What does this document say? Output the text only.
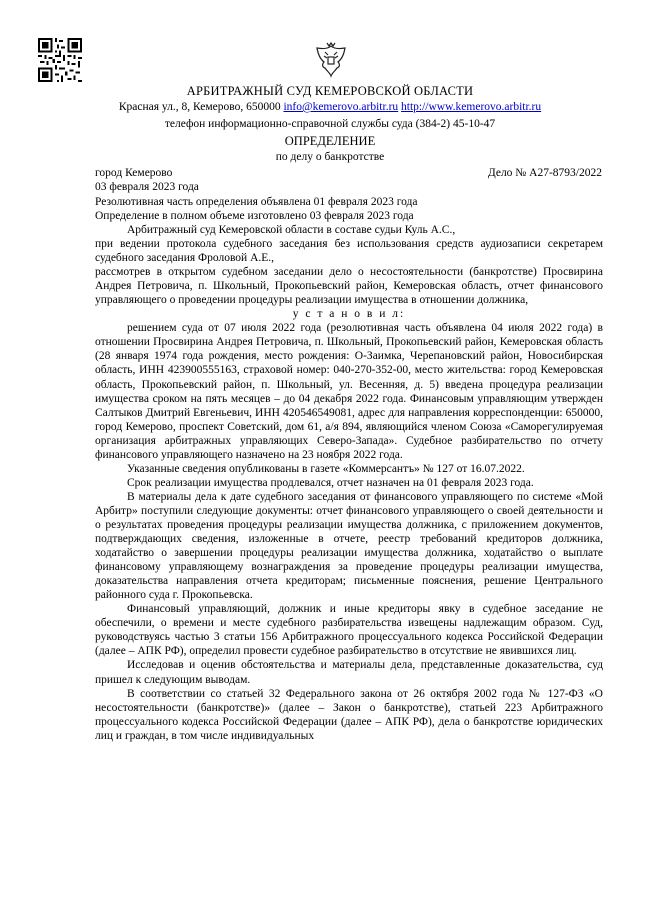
АРБИТРАЖНЫЙ СУД КЕМЕРОВСКОЙ ОБЛАСТИ
Красная ул., 8, Кемерово, 650000 info@kemerovo.arbitr.ru http://www.kemerovo.arbitr.ru
телефон информационно-справочной службы суда (384-2) 45-10-47
ОПРЕДЕЛЕНИЕ
по делу о банкротстве
город Кемерово	Дело № А27-8793/2022
03 февраля 2023 года
Резолютивная часть определения объявлена 01 февраля 2023 года
Определение в полном объеме изготовлено 03 февраля 2023 года

Арбитражный суд Кемеровской области в составе судьи Куль А.С.,

при ведении протокола судебного заседания без использования средств аудиозаписи секретарем судебного заседания Фроловой А.Е.,

рассмотрев в открытом судебном заседании дело о несостоятельности (банкротстве) Просвирина Андрея Петровича, п. Школьный, Прокопьевский район, Кемеровская область, отчет финансового управляющего о проведении процедуры реализации имущества в отношении должника,

у с т а н о в и л:

решением суда от 07 июля 2022 года (резолютивная часть объявлена 04 июля 2022 года) в отношении Просвирина Андрея Петровича, п. Школьный, Прокопьевский район, Кемеровская область (28 января 1974 года рождения, место рождения: О-Заимка, Черепановский район, Новосибирская область, ИНН 423900555163, страховой номер: 040-270-352-00, место жительства: город Кемеровская область, Прокопьевский район, п. Школьный, ул. Весенняя, д. 5) введена процедура реализации имущества сроком на пять месяцев – до 04 декабря 2022 года. Финансовым управляющим утвержден Салтыков Дмитрий Евгеньевич, ИНН 420546549081, адрес для направления корреспонденции: 650000, город Кемерово, проспект Советский, дом 61, а/я 894, являющийся членом Союза «Саморегулируемая организация арбитражных управляющих Северо-Запада». Судебное разбирательство по отчету финансового управляющего назначено на 23 ноября 2022 года.

Указанные сведения опубликованы в газете «Коммерсантъ» № 127 от 16.07.2022.

Срок реализации имущества продлевался, отчет назначен на 01 февраля 2023 года.

В материалы дела к дате судебного заседания от финансового управляющего по системе «Мой Арбитр» поступили следующие документы: отчет финансового управляющего о своей деятельности и о результатах проведения процедуры реализации имущества должника, с приложением документов, подтверждающих сведения, изложенные в отчете, реестр требований кредиторов должника, ходатайство о завершении процедуры реализации имущества должника, ходатайство о выплате финансовому управляющему вознаграждения за проведение процедуры реализации имущества, доказательства направления отчета кредиторам; письменные пояснения, решение Центрального районного суда г. Прокопьевска.

Финансовый управляющий, должник и иные кредиторы явку в судебное заседание не обеспечили, о времени и месте судебного разбирательства извещены надлежащим образом. Суд, руководствуясь частью 3 статьи 156 Арбитражного процессуального кодекса Российской Федерации (далее – АПК РФ), определил провести судебное разбирательство в отсутствие не явившихся лиц.

Исследовав и оценив обстоятельства и материалы дела, представленные доказательства, суд пришел к следующим выводам.

В соответствии со статьей 32 Федерального закона от 26 октября 2002 года № 127-ФЗ «О несостоятельности (банкротстве)» (далее – Закон о банкротстве), статьей 223 Арбитражного процессуального кодекса Российской Федерации (далее – АПК РФ), дела о банкротстве юридических лиц и граждан, в том числе индивидуальных
